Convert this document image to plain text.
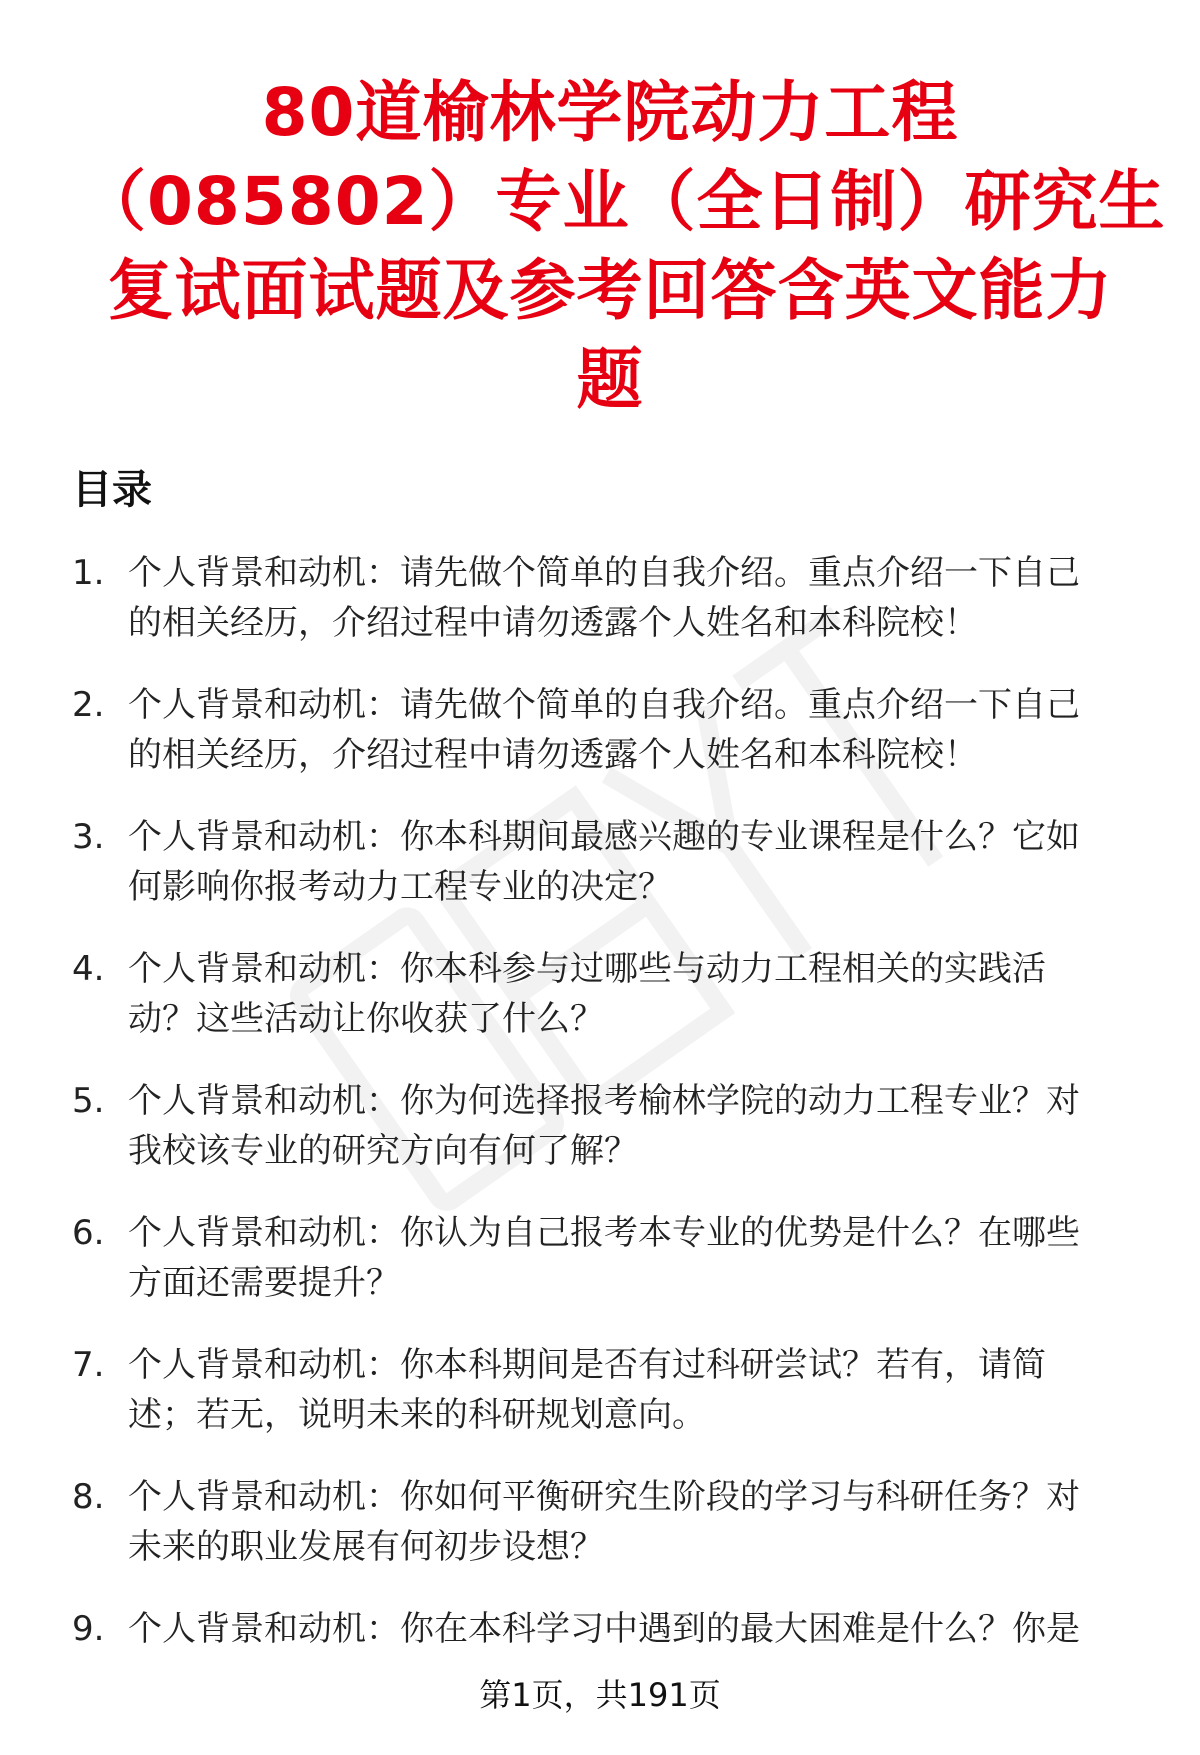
80道榆林学院动力工程
（085802）专业（全日制）研究生
复试面试题及参考回答含英文能力
题
目录
1. 个人背景和动机：请先做个简单的自我介绍。重点介绍一下自己
的相关经历，介绍过程中请勿透露个人姓名和本科院校！
2. 个人背景和动机：请先做个简单的自我介绍。重点介绍一下自己
的相关经历，介绍过程中请勿透露个人姓名和本科院校！
3. 个人背景和动机：你本科期间最感兴趣的专业课程是什么？它如
何影响你报考动力工程专业的决定？
4. 个人背景和动机：你本科参与过哪些与动力工程相关的实践活
动？这些活动让你收获了什么？
5. 个人背景和动机：你为何选择报考榆林学院的动力工程专业？对
我校该专业的研究方向有何了解？
6. 个人背景和动机：你认为自己报考本专业的优势是什么？在哪些
方面还需要提升？
7. 个人背景和动机：你本科期间是否有过科研尝试？若有，请简
述；若无，说明未来的科研规划意向。
8. 个人背景和动机：你如何平衡研究生阶段的学习与科研任务？对
未来的职业发展有何初步设想？
9. 个人背景和动机：你在本科学习中遇到的最大困难是什么？你是
第1页，共191页
